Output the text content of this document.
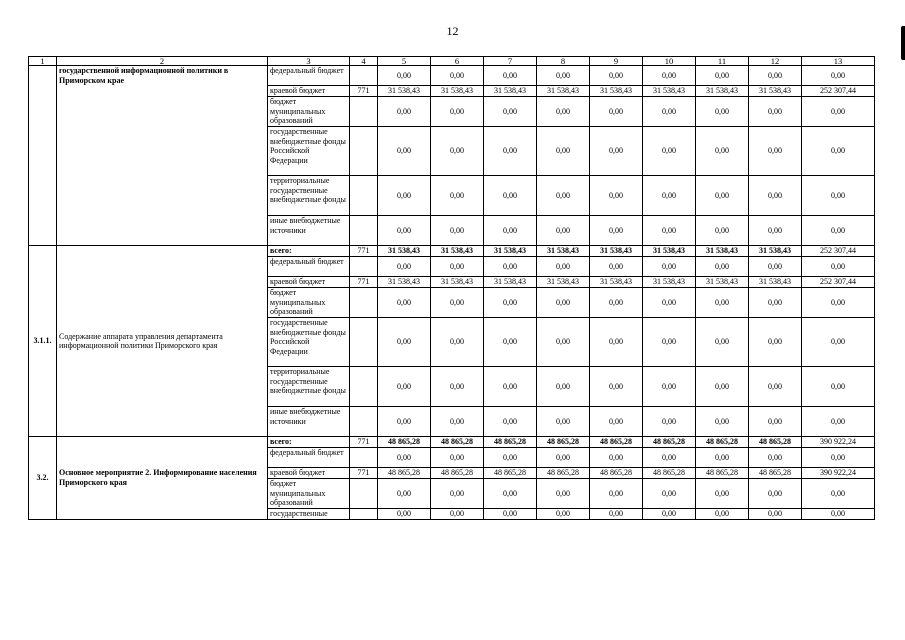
12
1	2	3	4	5	6	7	8	9	10	11	12	13
	государственной информационной политики в Приморском крае	федеральный бюджет		0,00	0,00	0,00	0,00	0,00	0,00	0,00	0,00	0,00
		краевой бюджет	771	31 538,43	31 538,43	31 538,43	31 538,43	31 538,43	31 538,43	31 538,43	31 538,43	252 307,44
		бюджет муниципальных образований		0,00	0,00	0,00	0,00	0,00	0,00	0,00	0,00	0,00
		государственные внебюджетные фонды Российской Федерации		0,00	0,00	0,00	0,00	0,00	0,00	0,00	0,00	0,00
		территориальные государственные внебюджетные фонды		0,00	0,00	0,00	0,00	0,00	0,00	0,00	0,00	0,00
		иные внебюджетные источники		0,00	0,00	0,00	0,00	0,00	0,00	0,00	0,00	0,00
3.1.1.	Содержание аппарата управления департамента информационной политики Приморского края	всего:	771	31 538,43	31 538,43	31 538,43	31 538,43	31 538,43	31 538,43	31 538,43	31 538,43	252 307,44
		федеральный бюджет		0,00	0,00	0,00	0,00	0,00	0,00	0,00	0,00	0,00
		краевой бюджет	771	31 538,43	31 538,43	31 538,43	31 538,43	31 538,43	31 538,43	31 538,43	31 538,43	252 307,44
		бюджет муниципальных образований		0,00	0,00	0,00	0,00	0,00	0,00	0,00	0,00	0,00
		государственные внебюджетные фонды Российской Федерации		0,00	0,00	0,00	0,00	0,00	0,00	0,00	0,00	0,00
		территориальные государственные внебюджетные фонды		0,00	0,00	0,00	0,00	0,00	0,00	0,00	0,00	0,00
		иные внебюджетные источники		0,00	0,00	0,00	0,00	0,00	0,00	0,00	0,00	0,00
3.2.	Основное мероприятие 2. Информирование населения Приморского края	всего:	771	48 865,28	48 865,28	48 865,28	48 865,28	48 865,28	48 865,28	48 865,28	48 865,28	390 922,24
		федеральный бюджет		0,00	0,00	0,00	0,00	0,00	0,00	0,00	0,00	0,00
		краевой бюджет	771	48 865,28	48 865,28	48 865,28	48 865,28	48 865,28	48 865,28	48 865,28	48 865,28	390 922,24
		бюджет муниципальных образований		0,00	0,00	0,00	0,00	0,00	0,00	0,00	0,00	0,00
		государственные		0,00	0,00	0,00	0,00	0,00	0,00	0,00	0,00	0,00
